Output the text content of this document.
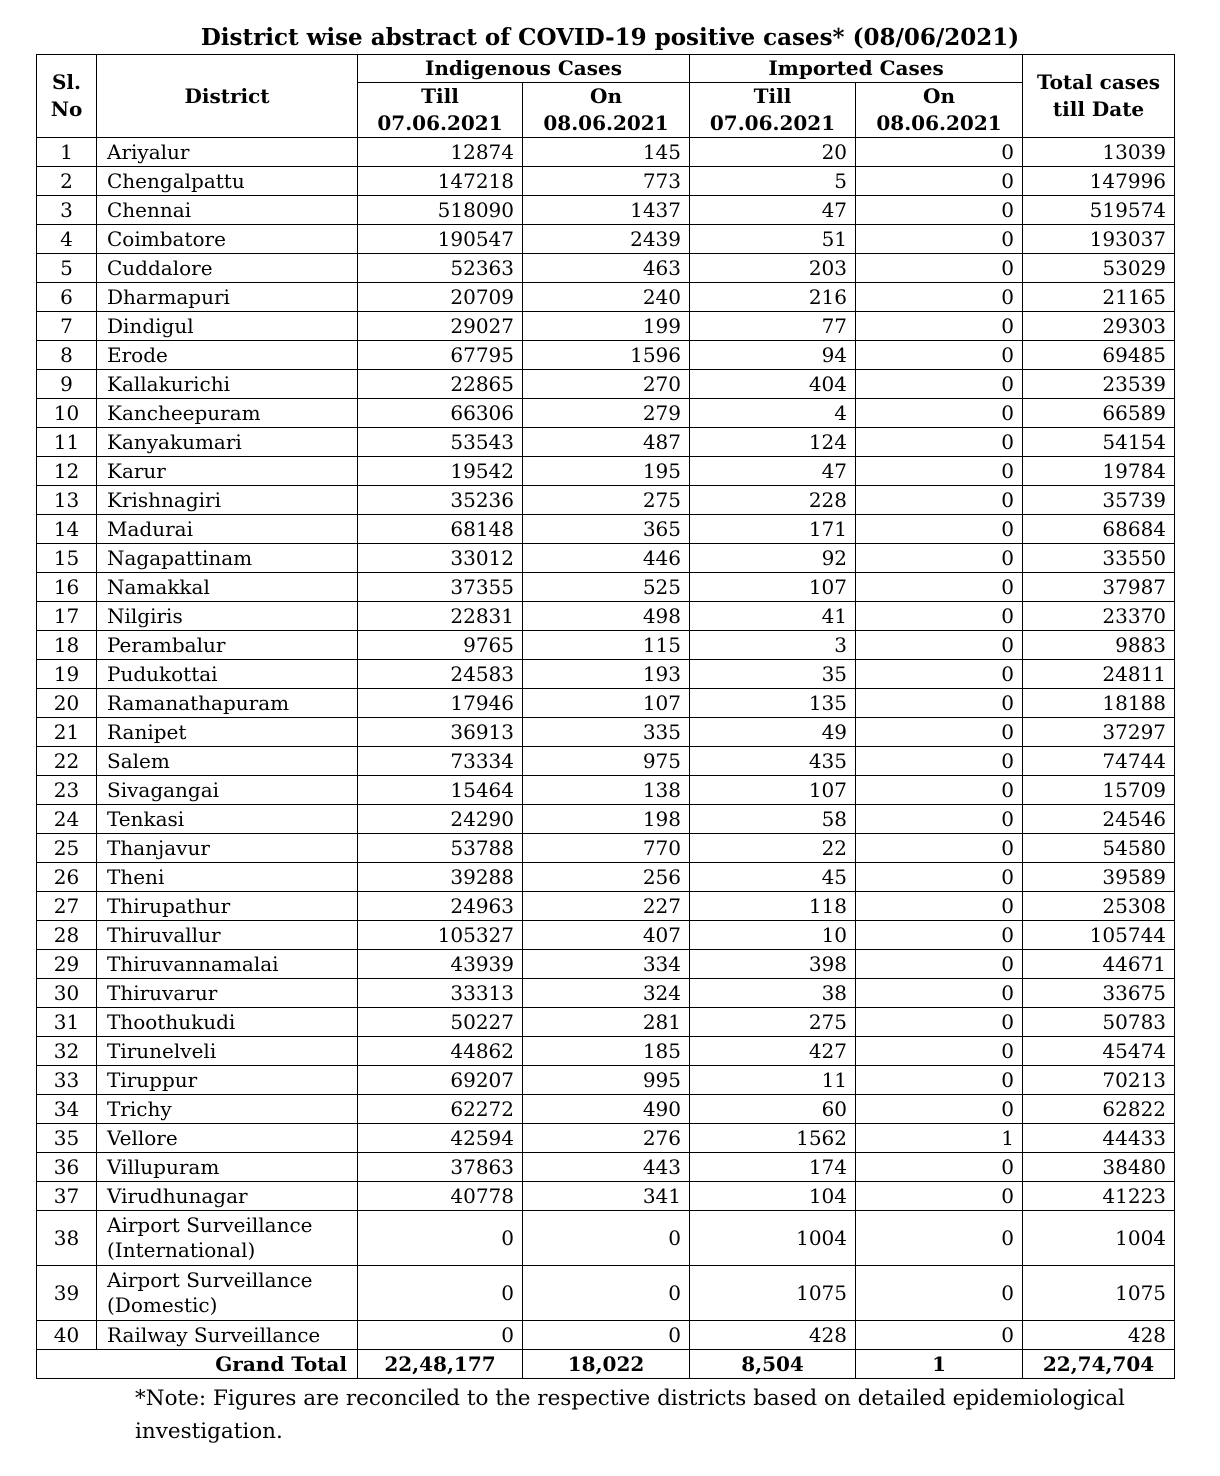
District wise abstract of COVID-19 positive cases* (08/06/2021)
Sl. No	District	Indigenous Cases		Imported Cases		Total cases till Date
		Till 07.06.2021	On 08.06.2021	Till 07.06.2021	On 08.06.2021	
1	Ariyalur	12874	145	20	0	13039
2	Chengalpattu	147218	773	5	0	147996
3	Chennai	518090	1437	47	0	519574
4	Coimbatore	190547	2439	51	0	193037
5	Cuddalore	52363	463	203	0	53029
6	Dharmapuri	20709	240	216	0	21165
7	Dindigul	29027	199	77	0	29303
8	Erode	67795	1596	94	0	69485
9	Kallakurichi	22865	270	404	0	23539
10	Kancheepuram	66306	279	4	0	66589
11	Kanyakumari	53543	487	124	0	54154
12	Karur	19542	195	47	0	19784
13	Krishnagiri	35236	275	228	0	35739
14	Madurai	68148	365	171	0	68684
15	Nagapattinam	33012	446	92	0	33550
16	Namakkal	37355	525	107	0	37987
17	Nilgiris	22831	498	41	0	23370
18	Perambalur	9765	115	3	0	9883
19	Pudukottai	24583	193	35	0	24811
20	Ramanathapuram	17946	107	135	0	18188
21	Ranipet	36913	335	49	0	37297
22	Salem	73334	975	435	0	74744
23	Sivagangai	15464	138	107	0	15709
24	Tenkasi	24290	198	58	0	24546
25	Thanjavur	53788	770	22	0	54580
26	Theni	39288	256	45	0	39589
27	Thirupathur	24963	227	118	0	25308
28	Thiruvallur	105327	407	10	0	105744
29	Thiruvannamalai	43939	334	398	0	44671
30	Thiruvarur	33313	324	38	0	33675
31	Thoothukudi	50227	281	275	0	50783
32	Tirunelveli	44862	185	427	0	45474
33	Tiruppur	69207	995	11	0	70213
34	Trichy	62272	490	60	0	62822
35	Vellore	42594	276	1562	1	44433
36	Villupuram	37863	443	174	0	38480
37	Virudhunagar	40778	341	104	0	41223
38	Airport Surveillance (International)	0	0	1004	0	1004
39	Airport Surveillance (Domestic)	0	0	1075	0	1075
40	Railway Surveillance	0	0	428	0	428
Grand Total		22,48,177	18,022	8,504	1	22,74,704
*Note: Figures are reconciled to the respective districts based on detailed epidemiological investigation.
